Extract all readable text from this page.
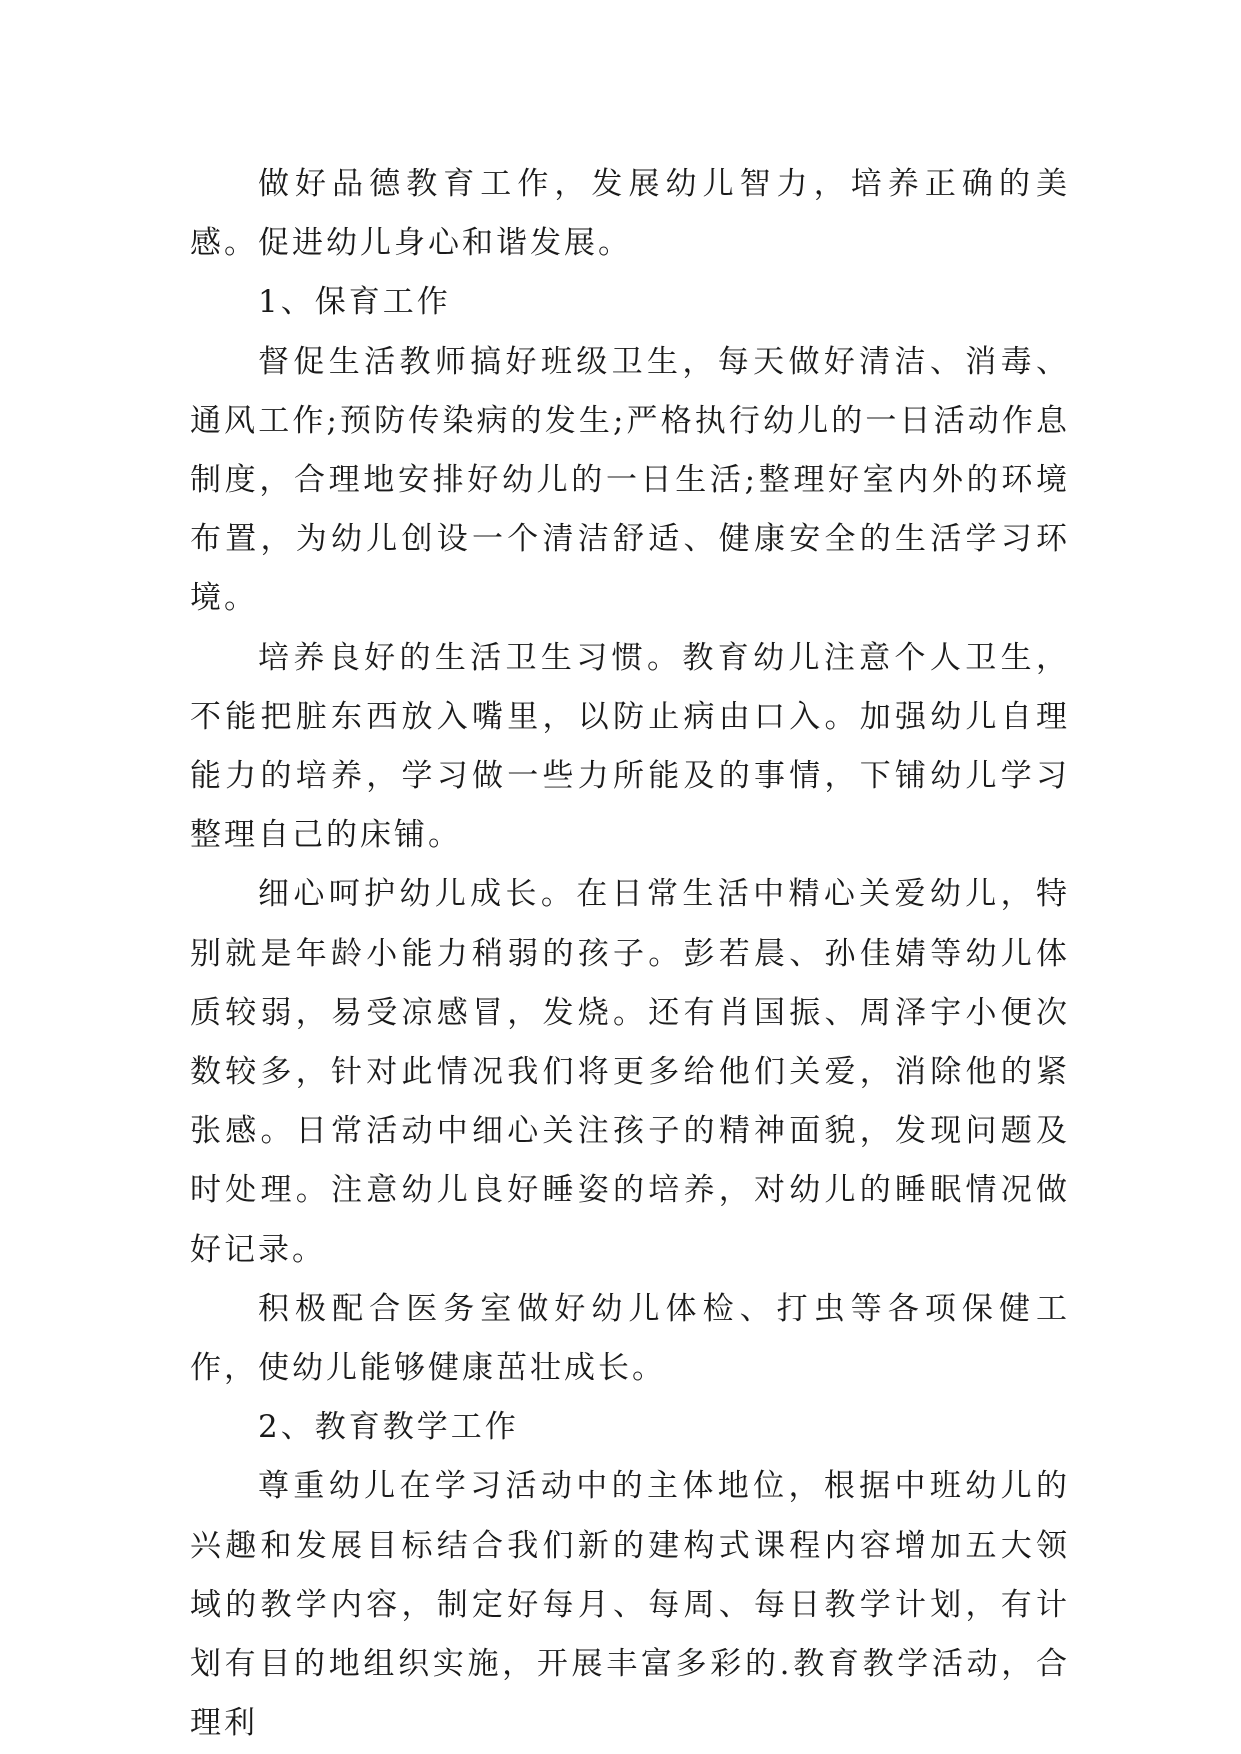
做好品德教育工作，发展幼儿智力，培养正确的美感。促进幼儿身心和谐发展。

1、保育工作

督促生活教师搞好班级卫生，每天做好清洁、消毒、通风工作;预防传染病的发生;严格执行幼儿的一日活动作息制度，合理地安排好幼儿的一日生活;整理好室内外的环境布置，为幼儿创设一个清洁舒适、健康安全的生活学习环境。

培养良好的生活卫生习惯。教育幼儿注意个人卫生，不能把脏东西放入嘴里，以防止病由口入。加强幼儿自理能力的培养，学习做一些力所能及的事情，下铺幼儿学习整理自己的床铺。

细心呵护幼儿成长。在日常生活中精心关爱幼儿，特别就是年龄小能力稍弱的孩子。彭若晨、孙佳婧等幼儿体质较弱，易受凉感冒，发烧。还有肖国振、周泽宇小便次数较多，针对此情况我们将更多给他们关爱，消除他的紧张感。日常活动中细心关注孩子的精神面貌，发现问题及时处理。注意幼儿良好睡姿的培养，对幼儿的睡眠情况做好记录。

积极配合医务室做好幼儿体检、打虫等各项保健工作，使幼儿能够健康茁壮成长。

2、教育教学工作

尊重幼儿在学习活动中的主体地位，根据中班幼儿的兴趣和发展目标结合我们新的建构式课程内容增加五大领域的教学内容，制定好每月、每周、每日教学计划，有计划有目的地组织实施，开展丰富多彩的.教育教学活动，合理利
